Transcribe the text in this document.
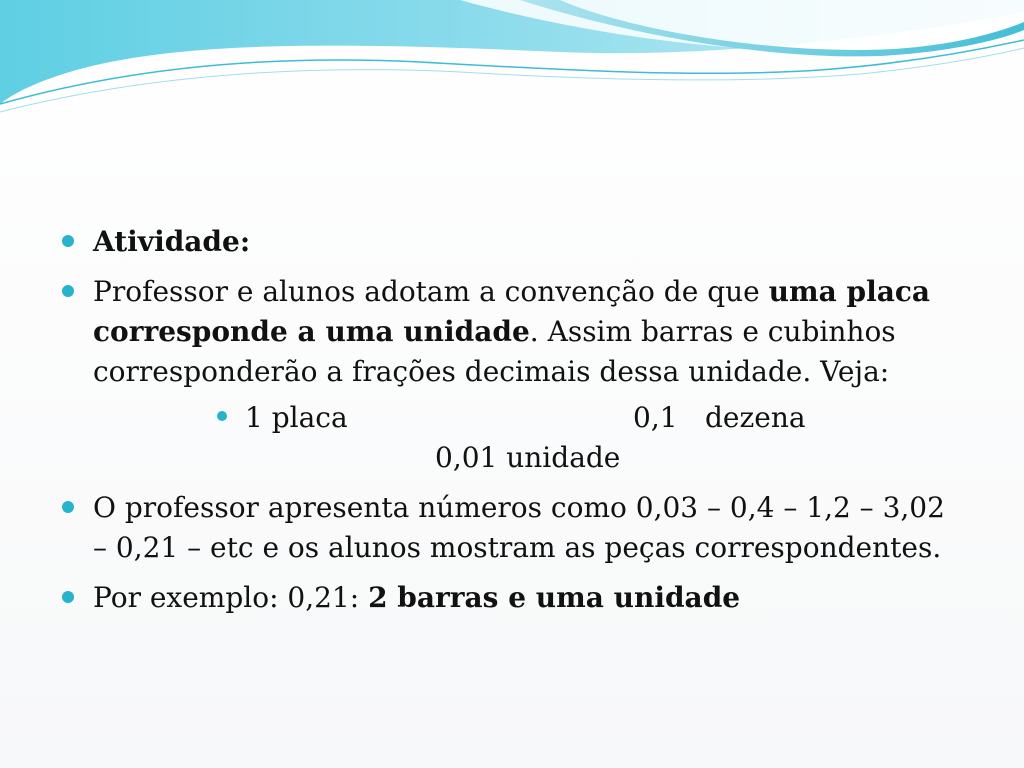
Atividade:
Professor e alunos adotam a convenção de que uma placa corresponde a uma unidade. Assim barras e cubinhos corresponderão a frações decimais dessa unidade. Veja:
1 placa	0,1 dezena
0,01 unidade
O professor apresenta números como 0,03 – 0,4 – 1,2 – 3,02 – 0,21 – etc e os alunos mostram as peças correspondentes.
Por exemplo: 0,21: 2 barras e uma unidade
